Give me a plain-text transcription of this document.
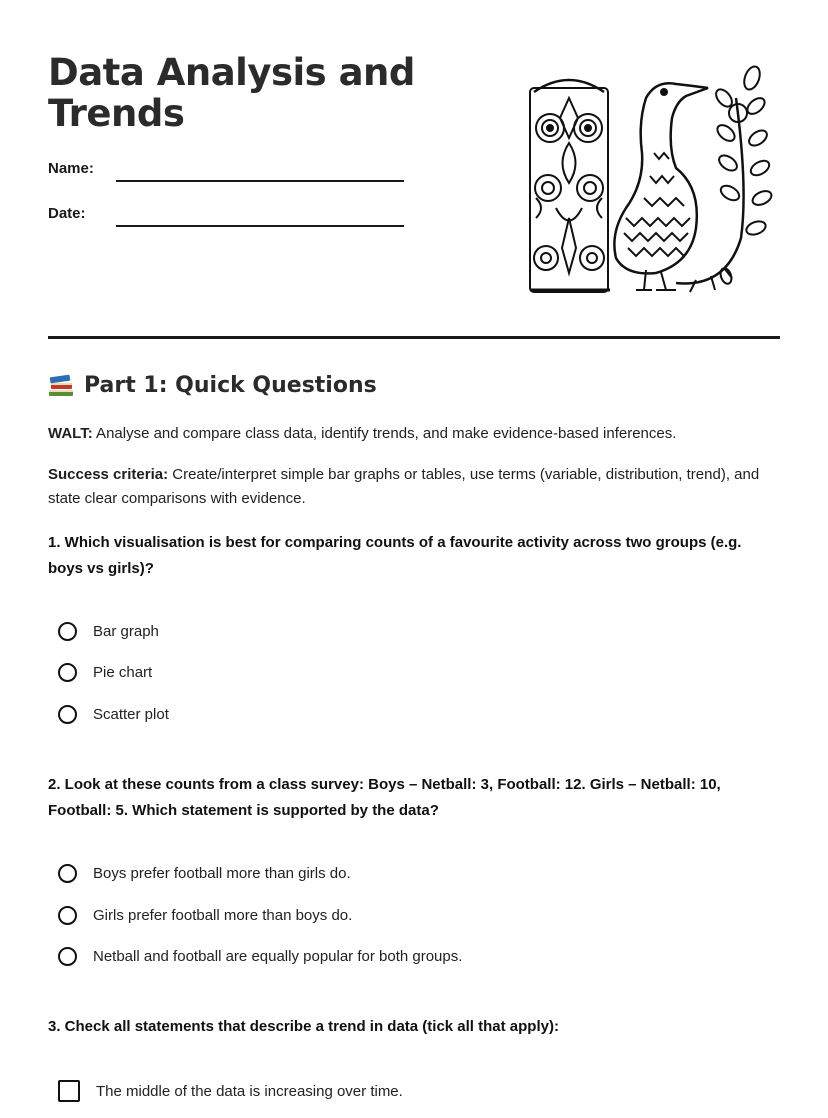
Data Analysis and
Trends
Name:
Date:
Part 1: Quick Questions
WALT: Analyse and compare class data, identify trends, and make evidence-based inferences.
Success criteria: Create/interpret simple bar graphs or tables, use terms (variable, distribution, trend), and state clear comparisons with evidence.
1. Which visualisation is best for comparing counts of a favourite activity across two groups (e.g. boys vs girls)?
Bar graph
Pie chart
Scatter plot
2. Look at these counts from a class survey: Boys – Netball: 3, Football: 12. Girls – Netball: 10, Football: 5. Which statement is supported by the data?
Boys prefer football more than girls do.
Girls prefer football more than boys do.
Netball and football are equally popular for both groups.
3. Check all statements that describe a trend in data (tick all that apply):
The middle of the data is increasing over time.
